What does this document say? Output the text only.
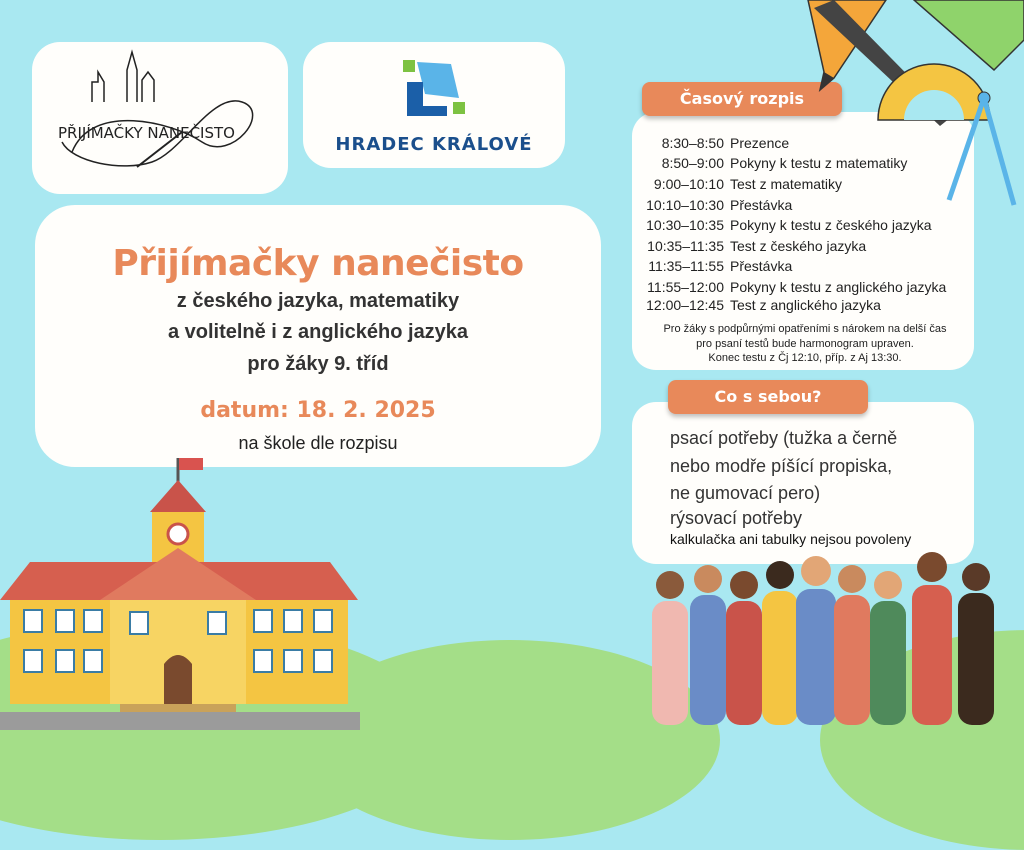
PŘIJÍMAČKY NANEČISTO
HRADEC KRÁLOVÉ
Přijímačky nanečisto
z českého jazyka, matematiky
a volitelně i z anglického jazyka
pro žáky 9. tříd
datum: 18. 2. 2025
na škole dle rozpisu
Časový rozpis
8:30–8:50 Prezence
8:50–9:00 Pokyny k testu z matematiky
9:00–10:10 Test z matematiky
10:10–10:30 Přestávka
10:30–10:35 Pokyny k testu z českého jazyka
10:35–11:35 Test z českého jazyka
11:35–11:55 Přestávka
11:55–12:00 Pokyny k testu z anglického jazyka
12:00–12:45 Test z anglického jazyka
Pro žáky s podpůrnými opatřeními s nárokem na delší čas
pro psaní testů bude harmonogram upraven.
Konec testu z Čj 12:10, příp. z Aj 13:30.
Co s sebou?
psací potřeby (tužka a černě
nebo modře píšící propiska,
ne gumovací pero)
rýsovací potřeby
kalkulačka ani tabulky nejsou povoleny
